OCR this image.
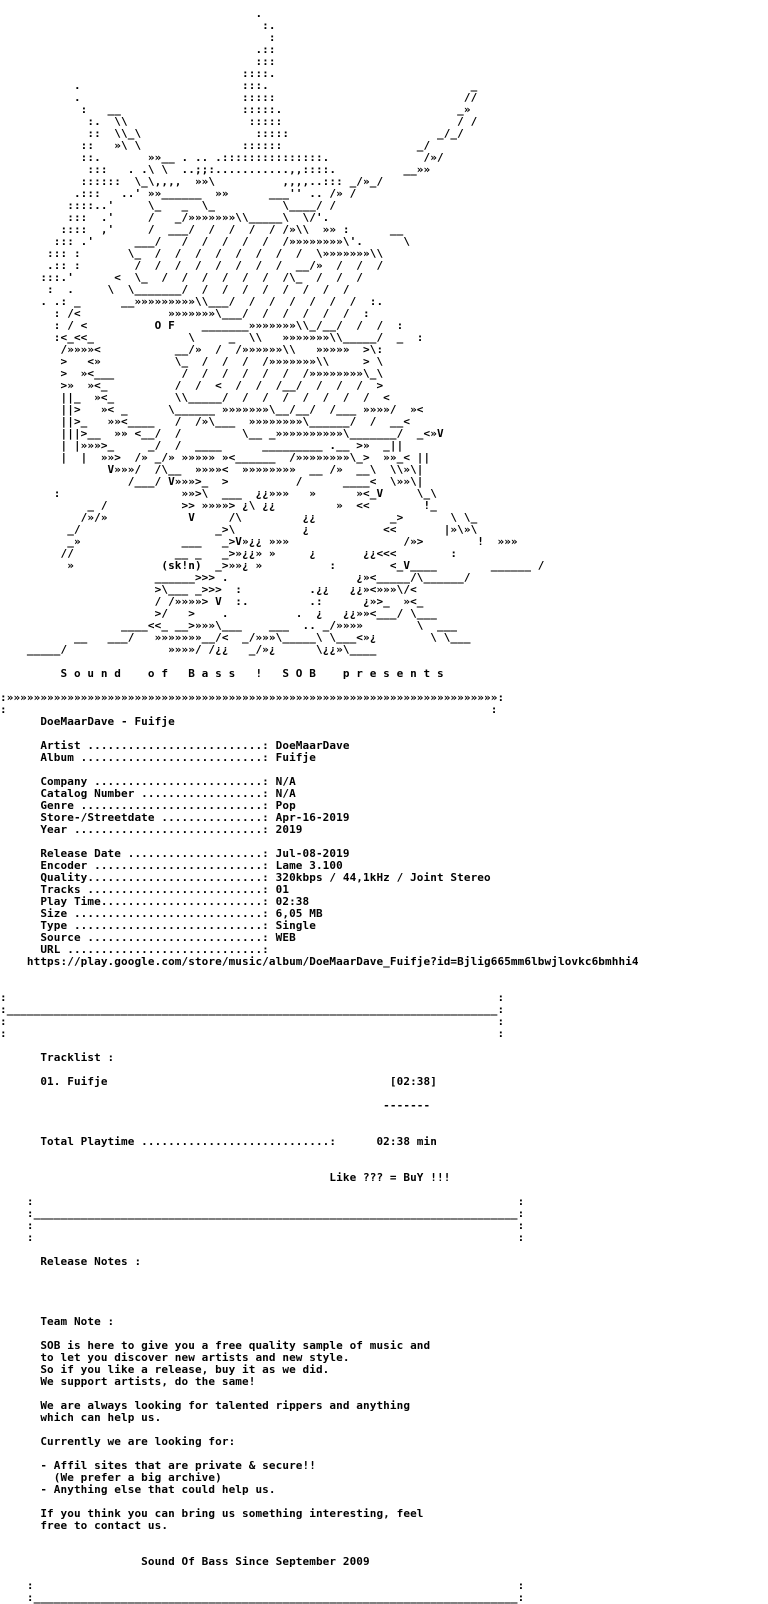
.
:.
:
.::
:::
::::.
.                        :::.                              _
.                        :::::                            //
:   __                  :::::.                          _»
:.  \\                  :::::                          / /
::  \\_\                 :::::                      _/_/
::   »\ \               ::::::                    _/
::.       »»__ . .. .:::::::::::::::.              /»/
:::   . .\ \  ..;;:...........,,::::.          __»»
::::::  \_\,,,,  »»\          ,,,,..::: _/»_/
.:::   ..' »»______  »»      ___'' .. /» /
::::..'     \_   _  \_          \____/ /
:::  .'     /   _/»»»»»»»\\_____\  \/'.
::::  ,'     /  ___/  /  /  /  / /»\\  »» :      __
::: .'      ___/   /  /  /  /  /  /»»»»»»»»\'.      \
::: :       \_  /  /  /  /  /  /  /  /  \»»»»»»»\\
.:: :        /  /  /  /  /  /  /  /  __/»  /  /  /
:::.'      <  \_  /  /  /  /  /  /  /\_  /  /  /
:  .     \  \_______/  /  /  /  /  /  /  /  /
. .: _      __»»»»»»»»»\\___/  /  /  /  /  /  /  :.
: /<             »»»»»»»\___/  /  /  /  /  /  :
: / <          O F    _______»»»»»»»\\_/__/  /  /  :
:<_<<_              \     _  \\   »»»»»»»\\_____/  _  :
/»»»»<           __/»  /  /»»»»»»\\   »»»»»  >\:
>   <»           \_  /  /  /  /»»»»»»»\\     > \
>  »<___          /  /  /  /  /  /  /»»»»»»»»\_\
>»  »<_          /  /  <  /  /  /__/  /  /  /  >
||_  »<_         \\_____/  /  /  /  /  /  /  /  <
||>   »< _      \______ »»»»»»»\__/__/  /___ »»»»/  »<
||>_   »»<____   /  /»\___  »»»»»»»»\______/  /  __<
|||>__  »» <__/  /         \__ _»»»»»»»»»»\_______/  _<»V
| |»»»>_     _/  /  ____      _________ .__ >»  _||
|  |  »»>  /» _/» »»»»» »<______  /»»»»»»»»\_>  »»_< ||
V»»»/  /\__  »»»»<  »»»»»»»»  __ /»  __\  \\»\|
/___/ V»»»>_  >          /      ____<  \»»\|
:                  »»>\  ___  ¿¿»»»   »      »<_V     \_\
_ /           >> »»»»> ¿\ ¿¿         »  <<        !_
/»/»            V     /\         ¿¿           _>       \ \_
_/                    _>\          ¿           <<       |»\»\
_»               ___   _>V»¿¿ »»»                 /»>        !  »»»
//               __ _   _>»¿¿» »     ¿       ¿¿<<<        :
»             (sk!n)  _>»»¿ »          :        <_V____        ______ /
______>>> .                   ¿»<_____/\______/
>\___ _>>>  :          .¿¿   ¿¿»<»»»\/<
/ /»»»»> V  :.         .:      ¿»>_  »<_
>/   >    .          .  ¿   ¿¿»»<___/ \___
____<<_ __>»»»\___    ___  .. _/»»»»        \  ___
__   ___/   »»»»»»»__/<  _/»»»\_____\ \___<»¿        \ \___
_____/               »»»»/ /¿¿   _/»¿      \¿¿»\____

S o u n d    o f   B a s s   !   S O B    p r e s e n t s

:»»»»»»»»»»»»»»»»»»»»»»»»»»»»»»»»»»»»»»»»»»»»»»»»»»»»»»»»»»»»»»»»»»»»»»»»»:
:                                                                        :
DoeMaarDave - Fuifje

Artist ..........................: DoeMaarDave
Album ...........................: Fuifje

Company .........................: N/A
Catalog Number ..................: N/A
Genre ...........................: Pop
Store-/Streetdate ...............: Apr-16-2019
Year ............................: 2019

Release Date ....................: Jul-08-2019
Encoder .........................: Lame 3.100
Quality..........................: 320kbps / 44,1kHz / Joint Stereo
Tracks ..........................: 01
Play Time........................: 02:38
Size ............................: 6,05 MB
Type ............................: Single
Source ..........................: WEB
URL .............................:
https://play.google.com/store/music/album/DoeMaarDave_Fuifje?id=Bjlig665mm6lbwjlovkc6bmhhi4

:                                                                         :
:_________________________________________________________________________:
:                                                                         :
:                                                                         :

Tracklist :

01. Fuifje                                          [02:38]

-------

Total Playtime ............................:      02:38 min

Like ??? = BuY !!!

:                                                                        :
:________________________________________________________________________:
:                                                                        :
:                                                                        :

Release Notes :

Team Note :

SOB is here to give you a free quality sample of music and
to let you discover new artists and new style.
So if you like a release, buy it as we did.
We support artists, do the same!

We are always looking for talented rippers and anything
which can help us.

Currently we are looking for:

- Affil sites that are private & secure!!
(We prefer a big archive)
- Anything else that could help us.

If you think you can bring us something interesting, feel
free to contact us.

Sound Of Bass Since September 2009

:                                                                        :
:________________________________________________________________________:
